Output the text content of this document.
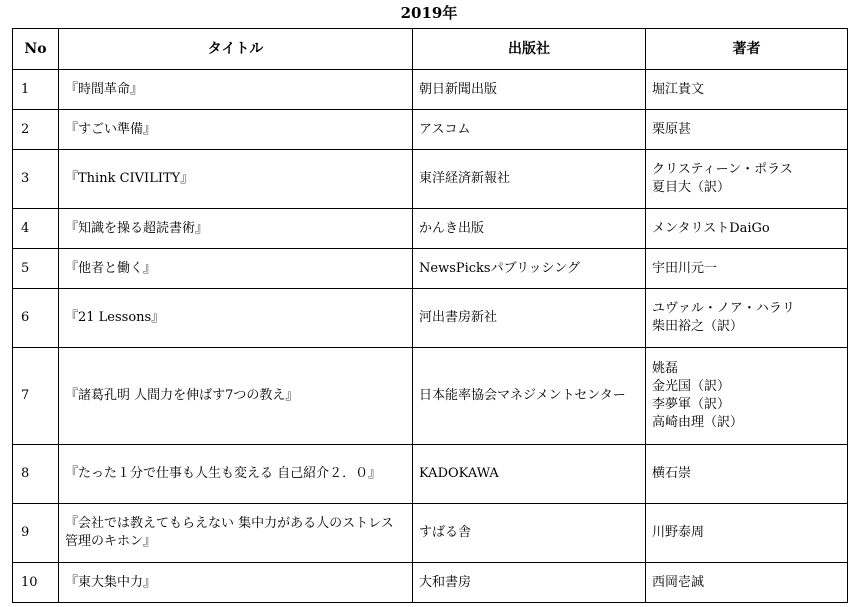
2019年
No	タイトル	出版社	著者
1	『時間革命』	朝日新聞出版	堀江貴文

2	『すごい準備』	アスコム	栗原甚

3	『Think CIVILITY』	東洋経済新報社	クリスティーン・ポラス
夏目大（訳）

4	『知識を操る超読書術』	かんき出版	メンタリストDaiGo

5	『他者と働く』	NewsPicksパブリッシング	宇田川元一

6	『21 Lessons』	河出書房新社	ユヴァル・ノア・ハラリ
柴田裕之（訳）

7	『諸葛孔明 人間力を伸ばす7つの教え』	日本能率協会マネジメントセンター	姚磊
金光国（訳）
李夢軍（訳）
高崎由理（訳）

8	『たった１分で仕事も人生も変える 自己紹介２．０』	KADOKAWA	横石崇

9	『会社では教えてもらえない 集中力がある人のストレス管理のキホン』	すばる舎	川野泰周

10	『東大集中力』	大和書房	西岡壱誠
